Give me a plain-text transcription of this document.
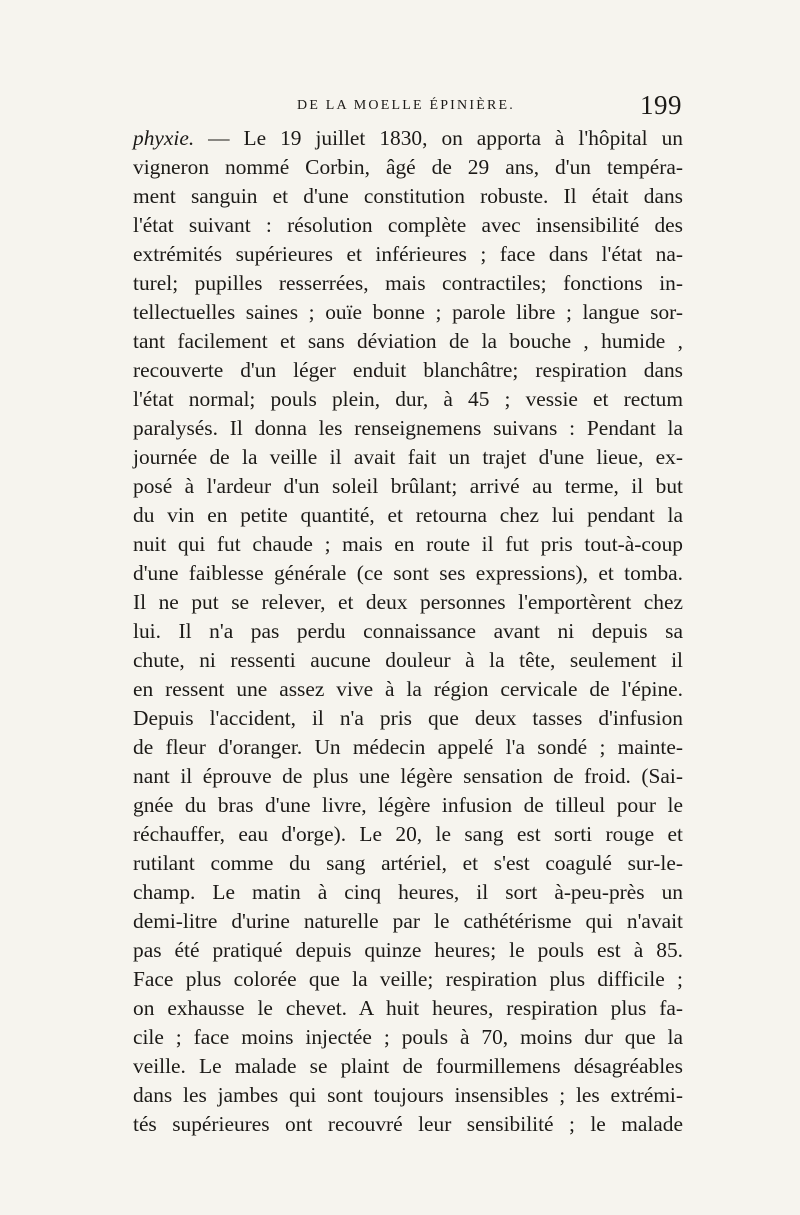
DE LA MOELLE ÉPINIÈRE.	199
phyxie. — Le 19 juillet 1830, on apporta à l'hôpital un
vigneron nommé Corbin, âgé de 29 ans, d'un tempéra-
ment sanguin et d'une constitution robuste. Il était dans
l'état suivant : résolution complète avec insensibilité des
extrémités supérieures et inférieures ; face dans l'état na-
turel; pupilles resserrées, mais contractiles; fonctions in-
tellectuelles saines ; ouïe bonne ; parole libre ; langue sor-
tant facilement et sans déviation de la bouche , humide ,
recouverte d'un léger enduit blanchâtre; respiration dans
l'état normal; pouls plein, dur, à 45 ; vessie et rectum
paralysés. Il donna les renseignemens suivans : Pendant la
journée de la veille il avait fait un trajet d'une lieue, ex-
posé à l'ardeur d'un soleil brûlant; arrivé au terme, il but
du vin en petite quantité, et retourna chez lui pendant la
nuit qui fut chaude ; mais en route il fut pris tout-à-coup
d'une faiblesse générale (ce sont ses expressions), et tomba.
Il ne put se relever, et deux personnes l'emportèrent chez
lui. Il n'a pas perdu connaissance avant ni depuis sa
chute, ni ressenti aucune douleur à la tête, seulement il
en ressent une assez vive à la région cervicale de l'épine.
Depuis l'accident, il n'a pris que deux tasses d'infusion
de fleur d'oranger. Un médecin appelé l'a sondé ; mainte-
nant il éprouve de plus une légère sensation de froid. (Sai-
gnée du bras d'une livre, légère infusion de tilleul pour le
réchauffer, eau d'orge). Le 20, le sang est sorti rouge et
rutilant comme du sang artériel, et s'est coagulé sur-le-
champ. Le matin à cinq heures, il sort à-peu-près un
demi-litre d'urine naturelle par le cathétérisme qui n'avait
pas été pratiqué depuis quinze heures; le pouls est à 85.
Face plus colorée que la veille; respiration plus difficile ;
on exhausse le chevet. A huit heures, respiration plus fa-
cile ; face moins injectée ; pouls à 70, moins dur que la
veille. Le malade se plaint de fourmillemens désagréables
dans les jambes qui sont toujours insensibles ; les extrémi-
tés supérieures ont recouvré leur sensibilité ; le malade
